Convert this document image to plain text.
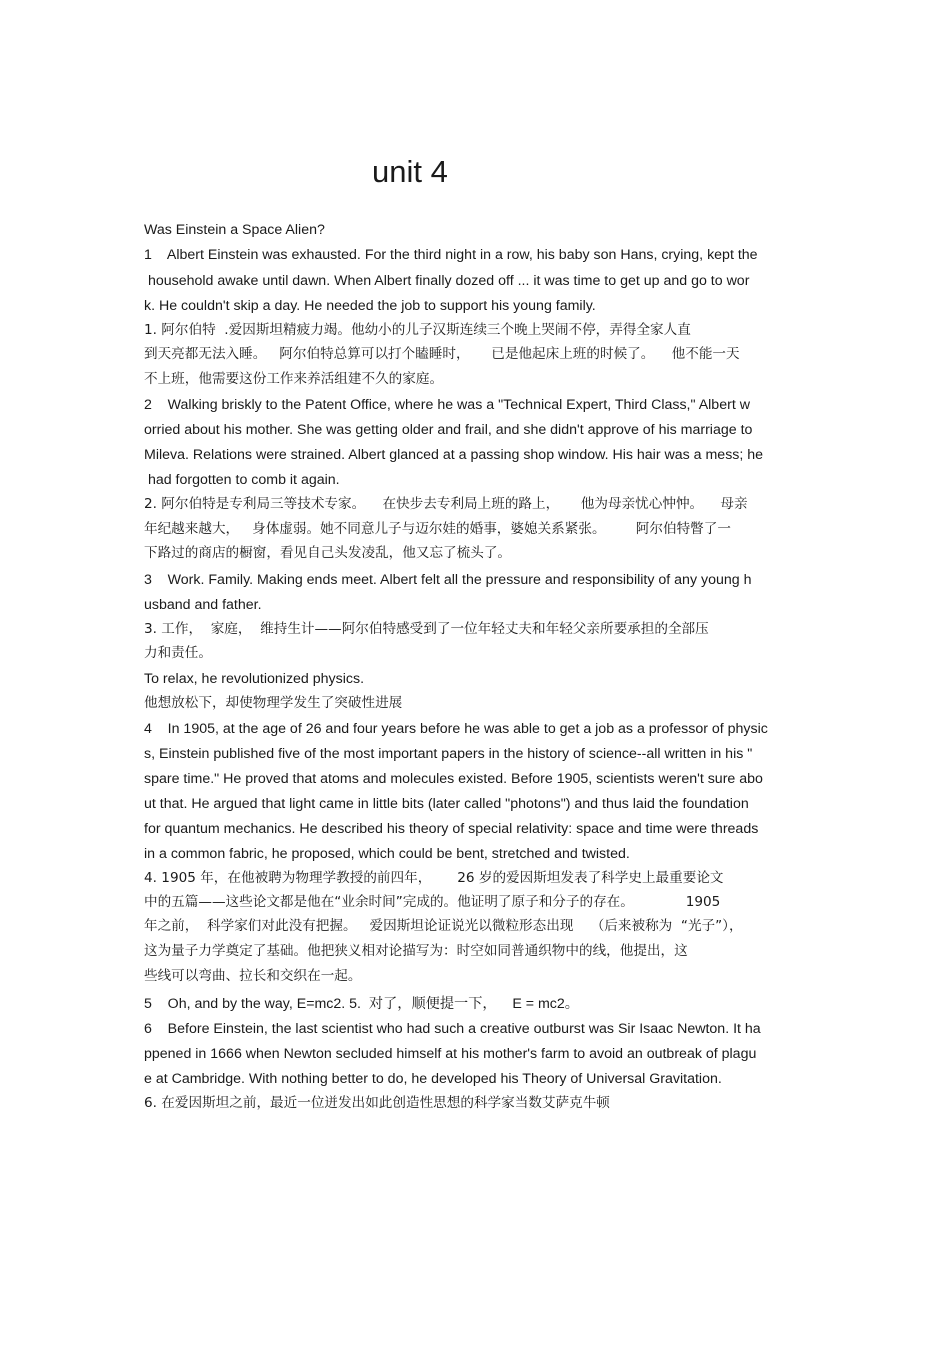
unit 4
Was Einstein a Space Alien?
1    Albert Einstein was exhausted. For the third night in a row, his baby son Hans, crying, kept the
household awake until dawn. When Albert finally dozed off ... it was time to get up and go to wor
k. He couldn't skip a day. He needed the job to support his young family.
1. 阿尔伯特  .爱因斯坦精疲力竭。他幼小的儿子汉斯连续三个晚上哭闹不停，弄得全家人直
到天亮都无法入睡。   阿尔伯特总算可以打个瞌睡时，     已是他起床上班的时候了。    他不能一天
不上班，他需要这份工作来养活组建不久的家庭。
2    Walking briskly to the Patent Office, where he was a "Technical Expert, Third Class," Albert w
orried about his mother. She was getting older and frail, and she didn't approve of his marriage to
Mileva. Relations were strained. Albert glanced at a passing shop window. His hair was a mess; he
had forgotten to comb it again.
2. 阿尔伯特是专利局三等技术专家。    在快步去专利局上班的路上，     他为母亲忧心忡忡。    母亲
年纪越来越大，   身体虚弱。她不同意儿子与迈尔娃的婚事，婆媳关系紧张。       阿尔伯特瞥了一
下路过的商店的橱窗，看见自己头发凌乱，他又忘了梳头了。
3    Work. Family. Making ends meet. Albert felt all the pressure and responsibility of any young h
usband and father.
3. 工作，  家庭，  维持生计——阿尔伯特感受到了一位年轻丈夫和年轻父亲所要承担的全部压
力和责任。
To relax, he revolutionized physics.
他想放松下，却使物理学发生了突破性进展
4    In 1905, at the age of 26 and four years before he was able to get a job as a professor of physic
s, Einstein published five of the most important papers in the history of science--all written in his "
spare time." He proved that atoms and molecules existed. Before 1905, scientists weren't sure abo
ut that. He argued that light came in little bits (later called "photons") and thus laid the foundation
for quantum mechanics. He described his theory of special relativity: space and time were threads
in a common fabric, he proposed, which could be bent, stretched and twisted.
4. 1905 年，在他被聘为物理学教授的前四年，      26 岁的爱因斯坦发表了科学史上最重要论文
中的五篇——这些论文都是他在“业余时间”完成的。他证明了原子和分子的存在。            1905
年之前，  科学家们对此没有把握。   爱因斯坦论证说光以微粒形态出现    （后来被称为  “光子”），
这为量子力学奠定了基础。他把狭义相对论描写为：时空如同普通织物中的线，他提出，这
些线可以弯曲、拉长和交织在一起。
5    Oh, and by the way, E=mc2. 5.  对了，顺便提一下，    E = mc2。
6    Before Einstein, the last scientist who had such a creative outburst was Sir Isaac Newton. It ha
ppened in 1666 when Newton secluded himself at his mother's farm to avoid an outbreak of plagu
e at Cambridge. With nothing better to do, he developed his Theory of Universal Gravitation.
6. 在爱因斯坦之前，最近一位迸发出如此创造性思想的科学家当数艾萨克牛顿
